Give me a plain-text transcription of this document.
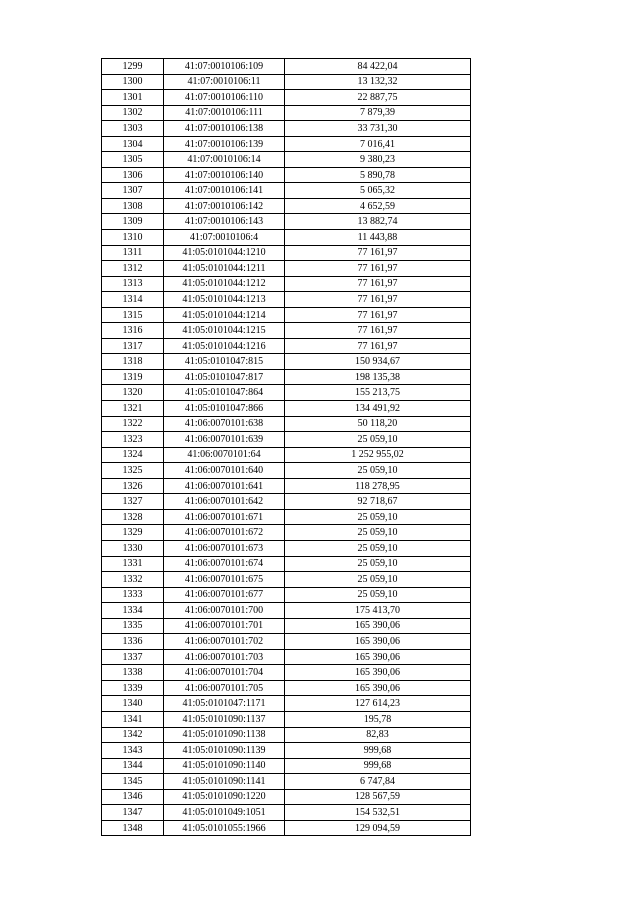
1299	41:07:0010106:109	84 422,04
1300	41:07:0010106:11	13 132,32
1301	41:07:0010106:110	22 887,75
1302	41:07:0010106:111	7 879,39
1303	41:07:0010106:138	33 731,30
1304	41:07:0010106:139	7 016,41
1305	41:07:0010106:14	9 380,23
1306	41:07:0010106:140	5 890,78
1307	41:07:0010106:141	5 065,32
1308	41:07:0010106:142	4 652,59
1309	41:07:0010106:143	13 882,74
1310	41:07:0010106:4	11 443,88
1311	41:05:0101044:1210	77 161,97
1312	41:05:0101044:1211	77 161,97
1313	41:05:0101044:1212	77 161,97
1314	41:05:0101044:1213	77 161,97
1315	41:05:0101044:1214	77 161,97
1316	41:05:0101044:1215	77 161,97
1317	41:05:0101044:1216	77 161,97
1318	41:05:0101047:815	150 934,67
1319	41:05:0101047:817	198 135,38
1320	41:05:0101047:864	155 213,75
1321	41:05:0101047:866	134 491,92
1322	41:06:0070101:638	50 118,20
1323	41:06:0070101:639	25 059,10
1324	41:06:0070101:64	1 252 955,02
1325	41:06:0070101:640	25 059,10
1326	41:06:0070101:641	118 278,95
1327	41:06:0070101:642	92 718,67
1328	41:06:0070101:671	25 059,10
1329	41:06:0070101:672	25 059,10
1330	41:06:0070101:673	25 059,10
1331	41:06:0070101:674	25 059,10
1332	41:06:0070101:675	25 059,10
1333	41:06:0070101:677	25 059,10
1334	41:06:0070101:700	175 413,70
1335	41:06:0070101:701	165 390,06
1336	41:06:0070101:702	165 390,06
1337	41:06:0070101:703	165 390,06
1338	41:06:0070101:704	165 390,06
1339	41:06:0070101:705	165 390,06
1340	41:05:0101047:1171	127 614,23
1341	41:05:0101090:1137	195,78
1342	41:05:0101090:1138	82,83
1343	41:05:0101090:1139	999,68
1344	41:05:0101090:1140	999,68
1345	41:05:0101090:1141	6 747,84
1346	41:05:0101090:1220	128 567,59
1347	41:05:0101049:1051	154 532,51
1348	41:05:0101055:1966	129 094,59
